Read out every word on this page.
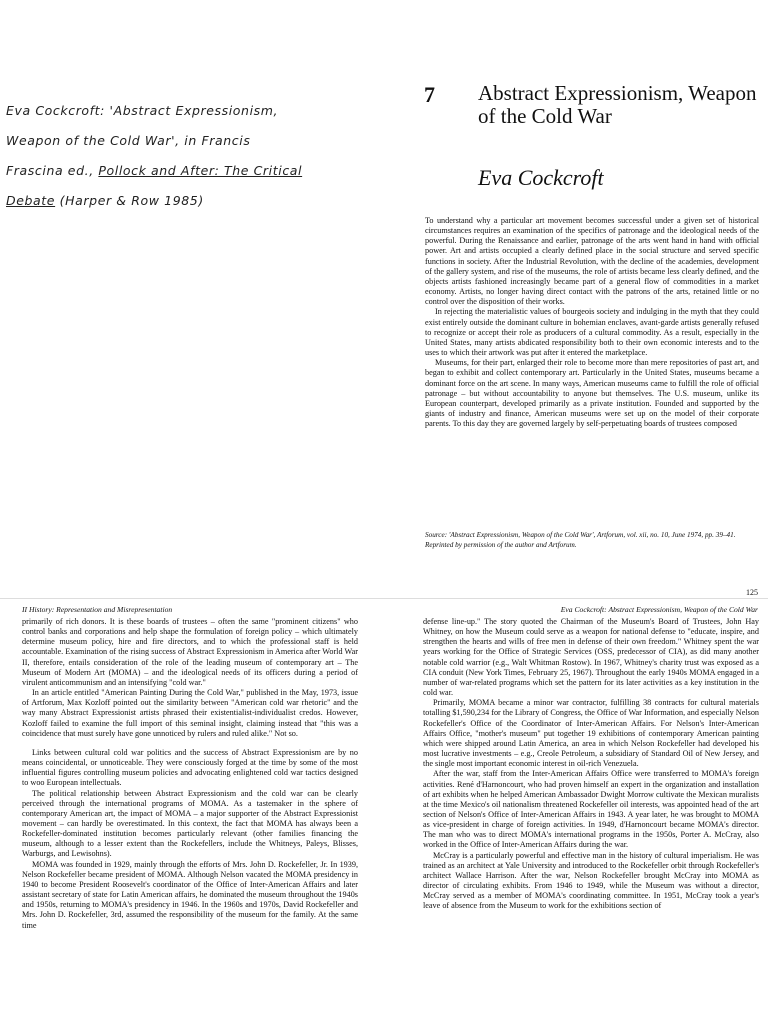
Eva Cockcroft: 'Abstract Expressionism,
Weapon of the Cold War', in Francis
Frascina ed., Pollock and After: The Critical
Debate (Harper & Row 1985)
7 Abstract Expressionism, Weapon of the Cold War
Eva Cockcroft

To understand why a particular art movement becomes successful under a given set of historical circumstances requires an examination of the specifics of patronage and the ideological needs of the powerful. During the Renaissance and earlier, patronage of the arts went hand in hand with official power. Art and artists occupied a clearly defined place in the social structure and served specific functions in society. After the Industrial Revolution, with the decline of the academies, development of the gallery system, and rise of the museums, the role of artists became less clearly defined, and the objects artists fashioned increasingly became part of a general flow of commodities in a market economy. Artists, no longer having direct contact with the patrons of the arts, retained little or no control over the disposition of their works.

In rejecting the materialistic values of bourgeois society and indulging in the myth that they could exist entirely outside the dominant culture in bohemian enclaves, avant-garde artists generally refused to recognize or accept their role as producers of a cultural commodity. As a result, especially in the United States, many artists abdicated responsibility both to their own economic interests and to the uses to which their artwork was put after it entered the marketplace.

Museums, for their part, enlarged their role to become more than mere repositories of past art, and began to exhibit and collect contemporary art. Particularly in the United States, museums became a dominant force on the art scene. In many ways, American museums came to fulfill the role of official patronage – but without accountability to anyone but themselves. The U.S. museum, unlike its European counterpart, developed primarily as a private institution. Founded and supported by the giants of industry and finance, American museums were set up on the model of their corporate parents. To this day they are governed largely by self-perpetuating boards of trustees composed

Source: 'Abstract Expressionism, Weapon of the Cold War', Artforum, vol. xii, no. 10, June 1974, pp. 39–41. Reprinted by permission of the author and Artforum.
125
II History: Representation and Misrepresentation	Eva Cockcroft: Abstract Expressionism, Weapon of the Cold War

primarily of rich donors. It is these boards of trustees – often the same "prominent citizens" who control banks and corporations and help shape the formulation of foreign policy – which ultimately determine museum policy, hire and fire directors, and to which the professional staff is held accountable. Examination of the rising success of Abstract Expressionism in America after World War II, therefore, entails consideration of the role of the leading museum of contemporary art – The Museum of Modern Art (MOMA) – and the ideological needs of its officers during a period of virulent anticommunism and an intensifying "cold war."

In an article entitled "American Painting During the Cold War," published in the May, 1973, issue of Artforum, Max Kozloff pointed out the similarity between "American cold war rhetoric" and the way many Abstract Expressionist artists phrased their existentialist-individualist credos. However, Kozloff failed to examine the full import of this seminal insight, claiming instead that "this was a coincidence that must surely have gone unnoticed by rulers and ruled alike." Not so.

Links between cultural cold war politics and the success of Abstract Expressionism are by no means coincidental, or unnoticeable. They were consciously forged at the time by some of the most influential figures controlling museum policies and advocating enlightened cold war tactics designed to woo European intellectuals.

The political relationship between Abstract Expressionism and the cold war can be clearly perceived through the international programs of MOMA. As a tastemaker in the sphere of contemporary American art, the impact of MOMA – a major supporter of the Abstract Expressionist movement – can hardly be overestimated. In this context, the fact that MOMA has always been a Rockefeller-dominated institution becomes particularly relevant (other families financing the museum, although to a lesser extent than the Rockefellers, include the Whitneys, Paleys, Blisses, Warburgs, and Lewisohns).

MOMA was founded in 1929, mainly through the efforts of Mrs. John D. Rockefeller, Jr. In 1939, Nelson Rockefeller became president of MOMA. Although Nelson vacated the MOMA presidency in 1940 to become President Roosevelt's coordinator of the Office of Inter-American Affairs and later assistant secretary of state for Latin American affairs, he dominated the museum throughout the 1940s and 1950s, returning to MOMA's presidency in 1946. In the 1960s and 1970s, David Rockefeller and Mrs. John D. Rockefeller, 3rd, assumed the responsibility of the museum for the family. At the same time

defense line-up." The story quoted the Chairman of the Museum's Board of Trustees, John Hay Whitney, on how the Museum could serve as a weapon for national defense to "educate, inspire, and strengthen the hearts and wills of free men in defense of their own freedom." Whitney spent the war years working for the Office of Strategic Services (OSS, predecessor of CIA), as did many another notable cold warrior (e.g., Walt Whitman Rostow). In 1967, Whitney's charity trust was exposed as a CIA conduit (New York Times, February 25, 1967). Throughout the early 1940s MOMA engaged in a number of war-related programs which set the pattern for its later activities as a key institution in the cold war.

Primarily, MOMA became a minor war contractor, fulfilling 38 contracts for cultural materials totalling $1,590,234 for the Library of Congress, the Office of War Information, and especially Nelson Rockefeller's Office of the Coordinator of Inter-American Affairs. For Nelson's Inter-American Affairs Office, "mother's museum" put together 19 exhibitions of contemporary American painting which were shipped around Latin America, an area in which Nelson Rockefeller had developed his most lucrative investments – e.g., Creole Petroleum, a subsidiary of Standard Oil of New Jersey, and the single most important economic interest in oil-rich Venezuela.

After the war, staff from the Inter-American Affairs Office were transferred to MOMA's foreign activities. René d'Harnoncourt, who had proven himself an expert in the organization and installation of art exhibits when he helped American Ambassador Dwight Morrow cultivate the Mexican muralists at the time Mexico's oil nationalism threatened Rockefeller oil interests, was appointed head of the art section of Nelson's Office of Inter-American Affairs in 1943. A year later, he was brought to MOMA as vice-president in charge of foreign activities. In 1949, d'Harnoncourt became MOMA's director. The man who was to direct MOMA's international programs in the 1950s, Porter A. McCray, also worked in the Office of Inter-American Affairs during the war.

McCray is a particularly powerful and effective man in the history of cultural imperialism. He was trained as an architect at Yale University and introduced to the Rockefeller orbit through Rockefeller's architect Wallace Harrison. After the war, Nelson Rockefeller brought McCray into MOMA as director of circulating exhibits. From 1946 to 1949, while the Museum was without a director, McCray served as a member of MOMA's coordinating committee. In 1951, McCray took a year's leave of absence from the Museum to work for the exhibitions section of
